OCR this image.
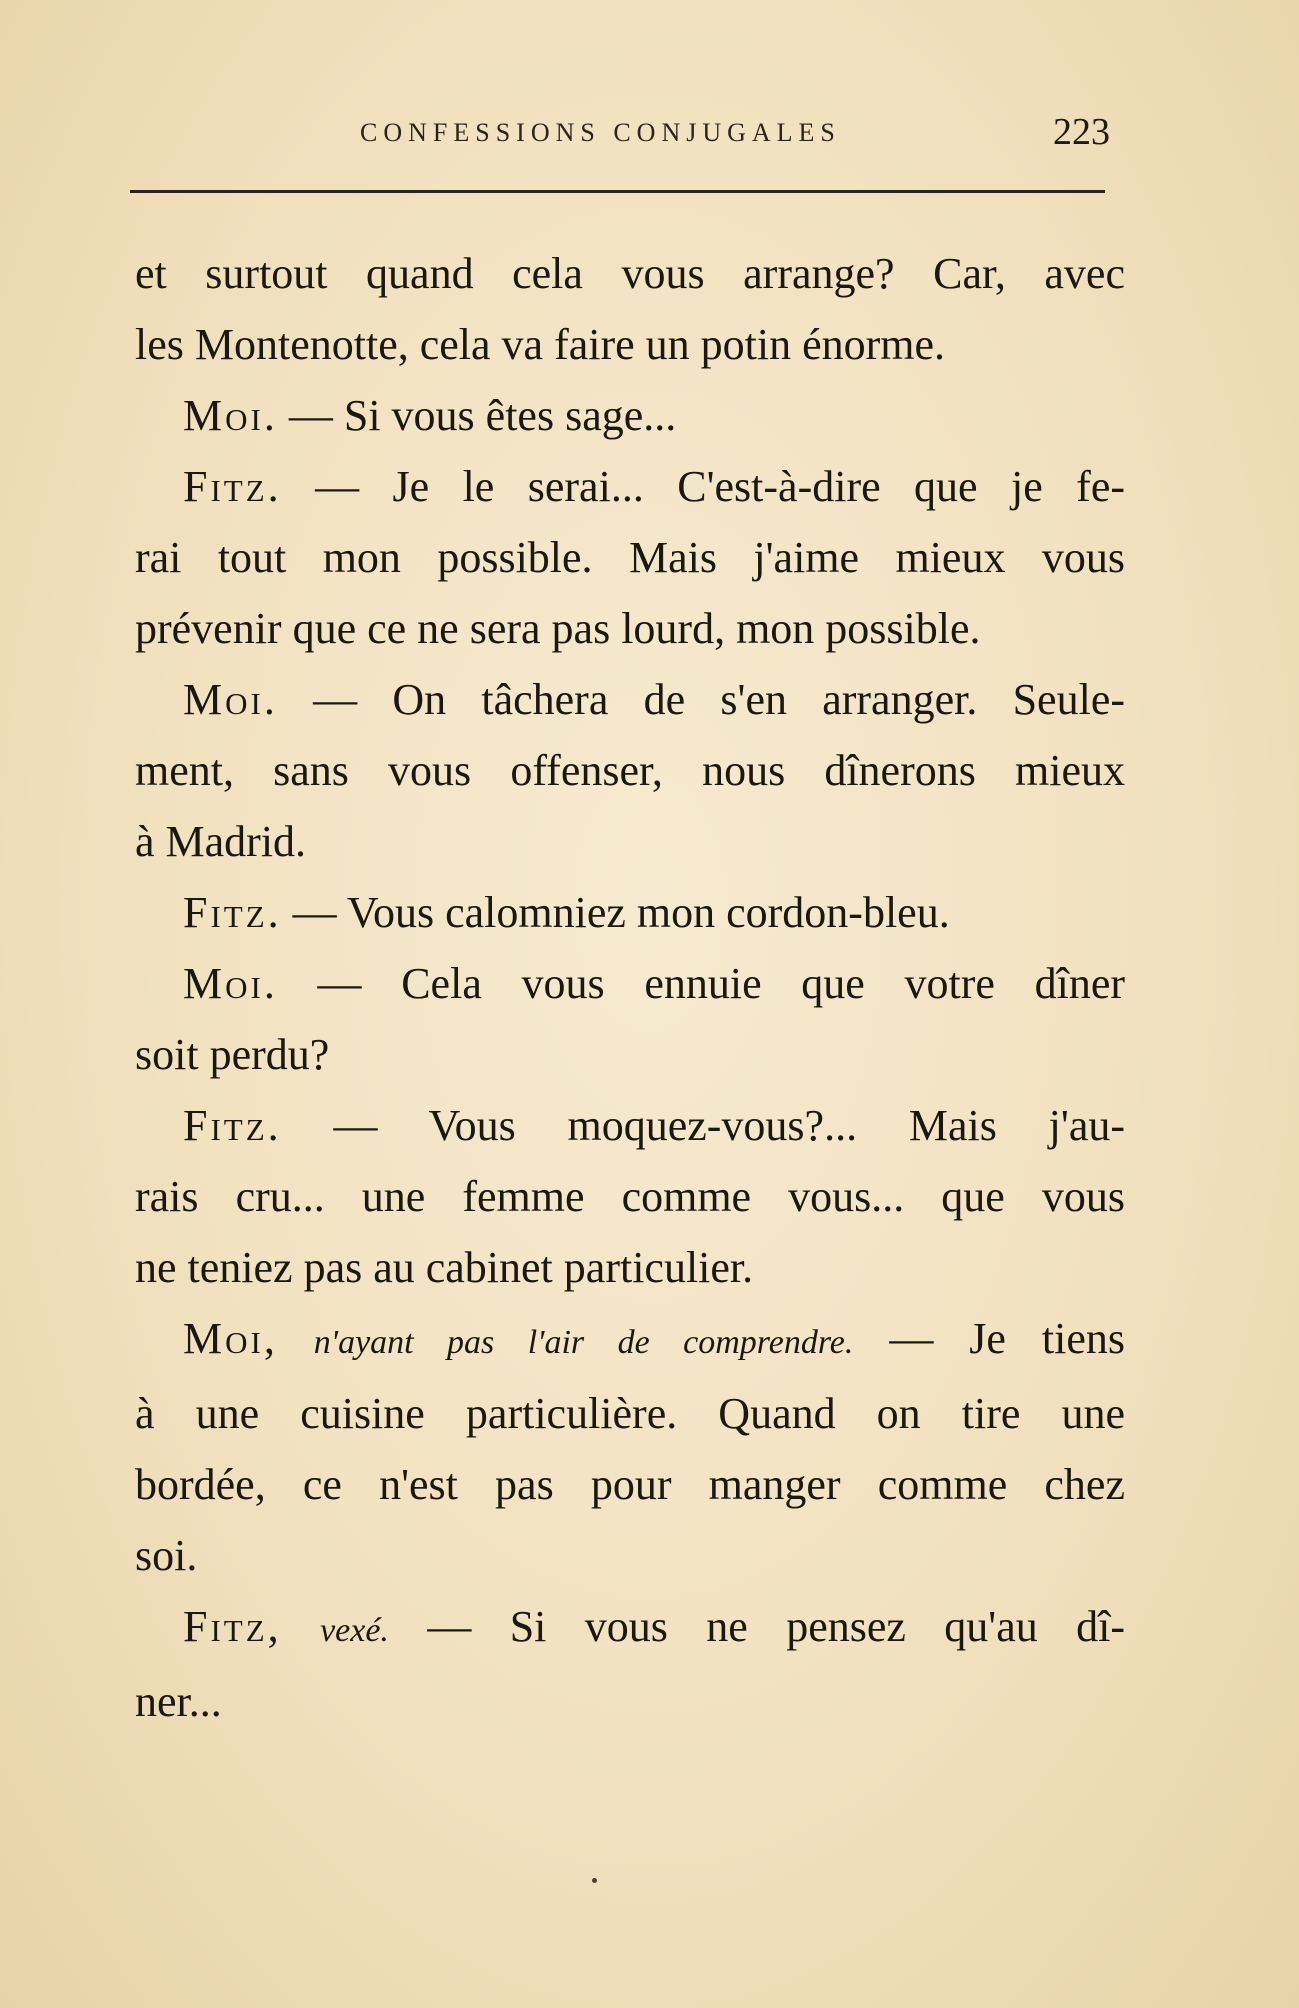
CONFESSIONS CONJUGALES	223
et surtout quand cela vous arrange? Car, avec
les Montenotte, cela va faire un potin énorme.
Moi. — Si vous êtes sage...
Fitz. — Je le serai... C'est-à-dire que je fe-
rai tout mon possible. Mais j'aime mieux vous
prévenir que ce ne sera pas lourd, mon possible.
Moi. — On tâchera de s'en arranger. Seule-
ment, sans vous offenser, nous dînerons mieux
à Madrid.
Fitz. — Vous calomniez mon cordon-bleu.
Moi. — Cela vous ennuie que votre dîner
soit perdu?
Fitz. — Vous moquez-vous?... Mais j'au-
rais cru... une femme comme vous... que vous
ne teniez pas au cabinet particulier.
Moi, n'ayant pas l'air de comprendre. — Je tiens
à une cuisine particulière. Quand on tire une
bordée, ce n'est pas pour manger comme chez
soi.
Fitz, vexé. — Si vous ne pensez qu'au dî-
ner...
